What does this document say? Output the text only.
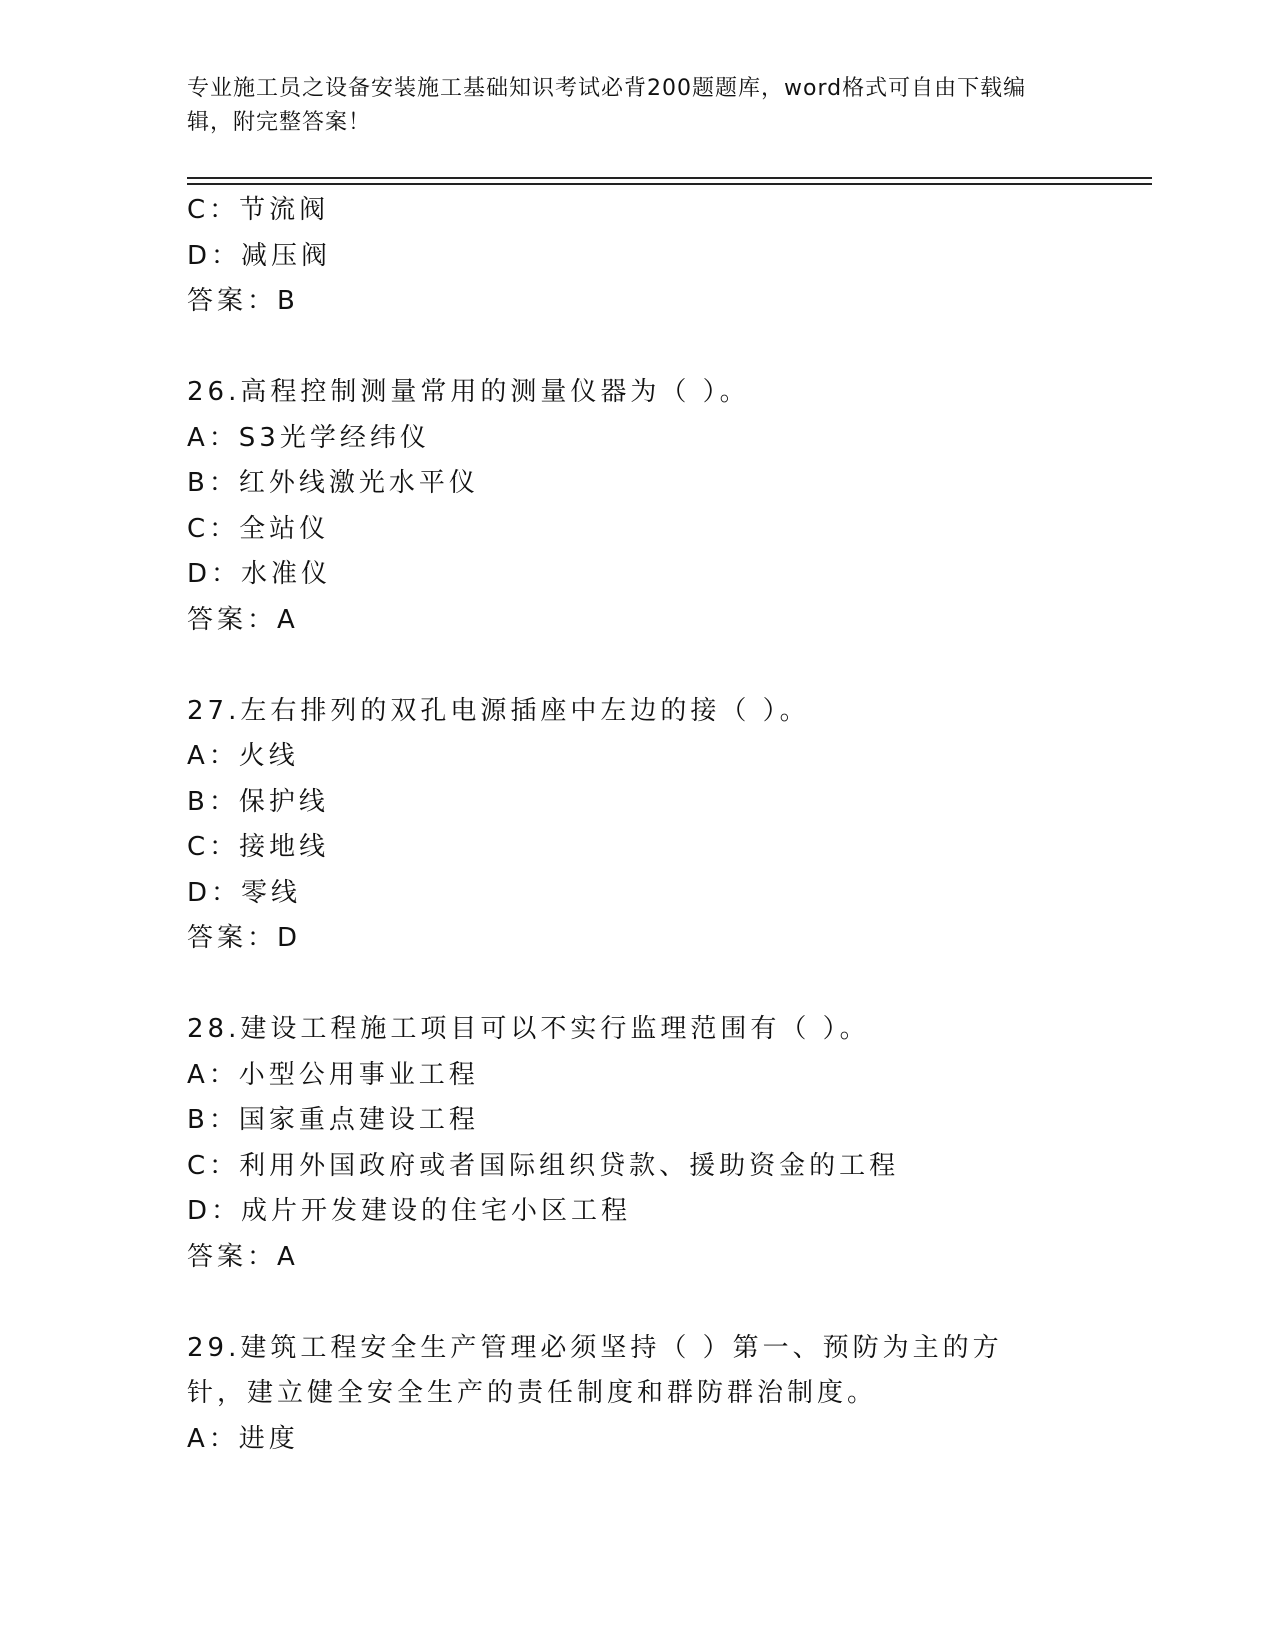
专业施工员之设备安装施工基础知识考试必背200题题库，word格式可自由下载编辑，附完整答案！
C：节流阀
D：减压阀
答案：B
26.高程控制测量常用的测量仪器为（ ）。
A：S3光学经纬仪
B：红外线激光水平仪
C：全站仪
D：水准仪
答案：A
27.左右排列的双孔电源插座中左边的接（ ）。
A：火线
B：保护线
C：接地线
D：零线
答案：D
28.建设工程施工项目可以不实行监理范围有（ ）。
A：小型公用事业工程
B：国家重点建设工程
C：利用外国政府或者国际组织贷款、援助资金的工程
D：成片开发建设的住宅小区工程
答案：A
29.建筑工程安全生产管理必须坚持（ ）第一、预防为主的方针，建立健全安全生产的责任制度和群防群治制度。
A：进度
